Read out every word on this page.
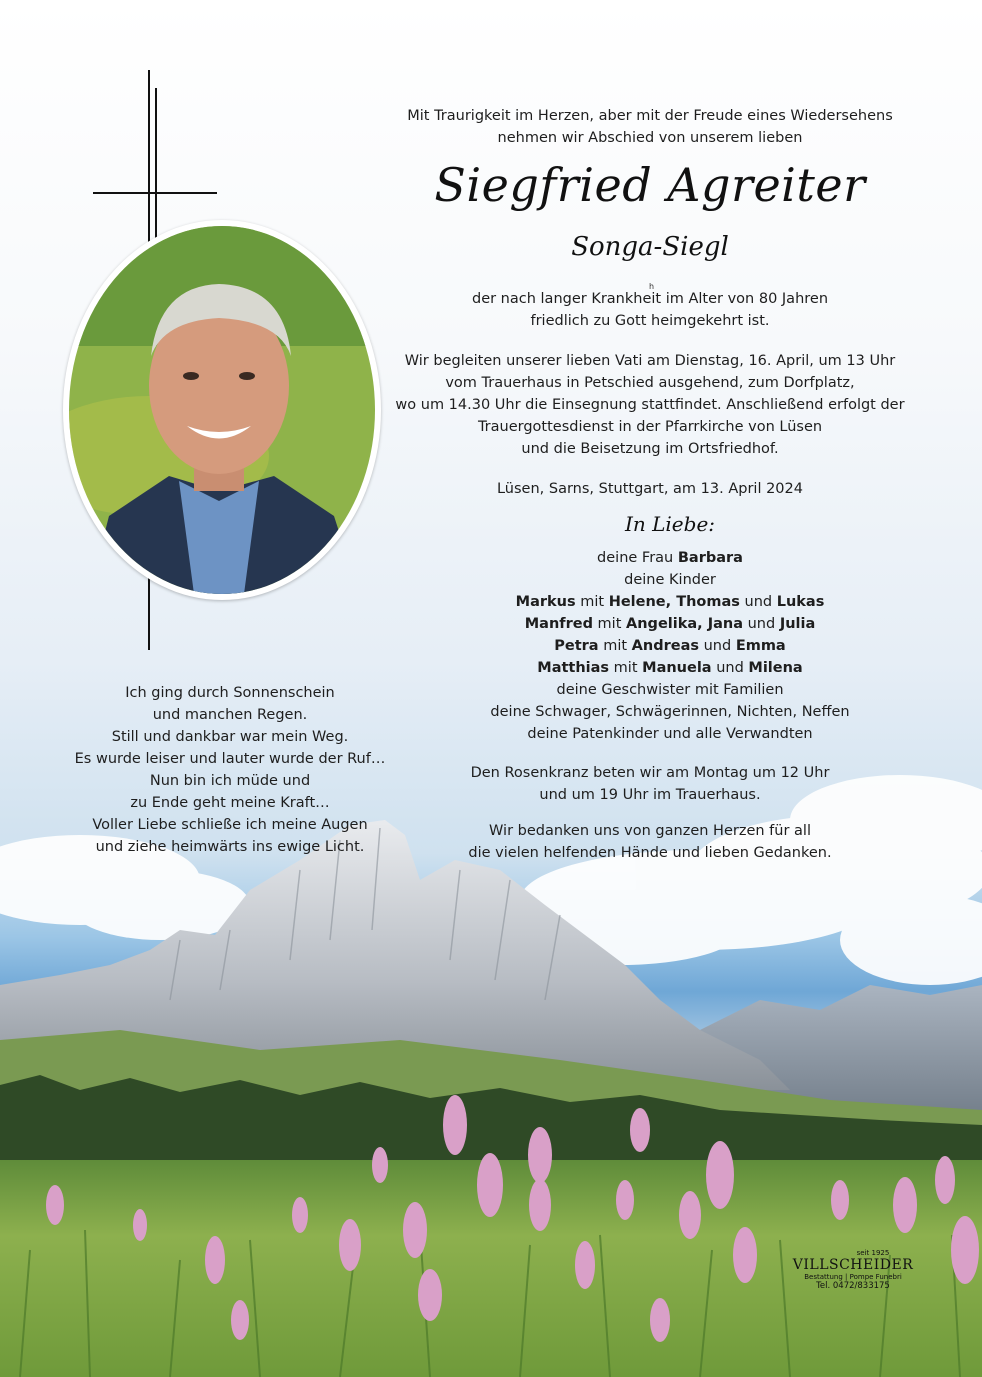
Mit Traurigkeit im Herzen, aber mit der Freude eines Wiedersehens

nehmen wir Abschied von unserem lieben

Siegfried Agreiter
Songa-Siegl
h

der nach langer Krankheit im Alter von 80 Jahren

friedlich zu Gott heimgekehrt ist.

Wir begleiten unserer lieben Vati am Dienstag, 16. April, um 13 Uhr

vom Trauerhaus in Petschied ausgehend, zum Dorfplatz,

wo um 14.30 Uhr die Einsegnung stattfindet. Anschließend erfolgt der

Trauergottesdienst in der Pfarrkirche von Lüsen

und die Beisetzung im Ortsfriedhof.

Lüsen, Sarns, Stuttgart, am 13. April 2024

In Liebe:

deine Frau Barbara

deine Kinder

Markus mit Helene, Thomas und Lukas

Manfred mit Angelika, Jana und Julia

Petra mit Andreas und Emma

Matthias mit Manuela und Milena

deine Geschwister mit Familien

deine Schwager, Schwägerinnen, Nichten, Neffen

deine Patenkinder und alle Verwandten

Den Rosenkranz beten wir am Montag um 12 Uhr

und um 19 Uhr im Trauerhaus.

Wir bedanken uns von ganzen Herzen für all

die vielen helfenden Hände und lieben Gedanken.

Ich ging durch Sonnenschein

und manchen Regen.

Still und dankbar war mein Weg.

Es wurde leiser und lauter wurde der Ruf…

Nun bin ich müde und

zu Ende geht meine Kraft…

Voller Liebe schließe ich meine Augen

und ziehe heimwärts ins ewige Licht.

seit 1925
VILLSCHEIDER
Bestattung | Pompe Funebri
Tel. 0472/833175
